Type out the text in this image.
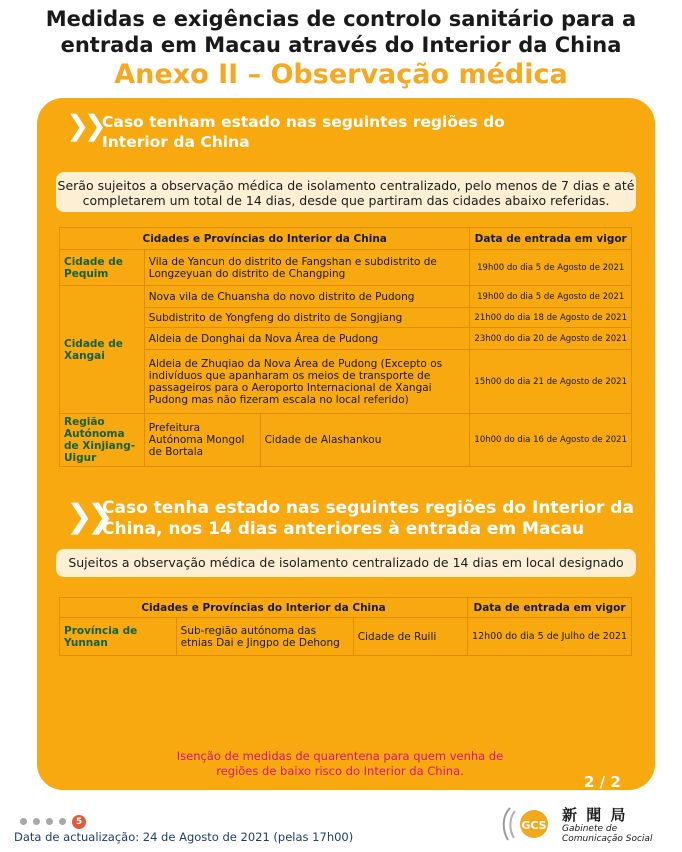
Medidas e exigências de controlo sanitário para a
entrada em Macau através do Interior da China
Anexo II – Observação médica
❯❯ Caso tenham estado nas seguintes regiões do
Interior da China
Serão sujeitos a observação médica de isolamento centralizado, pelo menos de 7 dias e até
completarem um total de 14 dias, desde que partiram das cidades abaixo referidas.
Cidades e Províncias do Interior da China			Data de entrada em vigor
Cidade de Pequim	Vila de Yancun do distrito de Fangshan e subdistrito de Longzeyuan do distrito de Changping		19h00 do dia 5 de Agosto de 2021
Cidade de Xangai	Nova vila de Chuansha do novo distrito de Pudong		19h00 do dia 5 de Agosto de 2021
	Subdistrito de Yongfeng do distrito de Songjiang		21h00 do dia 18 de Agosto de 2021
	Aldeia de Donghai da Nova Área de Pudong		23h00 do dia 20 de Agosto de 2021
	Aldeia de Zhuqiao da Nova Área de Pudong (Excepto os indivíduos que apanharam os meios de transporte de passageiros para o Aeroporto Internacional de Xangai Pudong mas não fizeram escala no local referido)		15h00 do dia 21 de Agosto de 2021
Região Autónoma de Xinjiang-Uigur	Prefeitura Autónoma Mongol de Bortala	Cidade de Alashankou	10h00 do dia 16 de Agosto de 2021
❯❯
Caso tenha estado nas seguintes regiões do Interior da
China, nos 14 dias anteriores à entrada em Macau
Sujeitos a observação médica de isolamento centralizado de 14 dias em local designado
Cidades e Províncias do Interior da China			Data de entrada em vigor
Província de Yunnan	Sub-região autónoma das etnias Dai e Jingpo de Dehong	Cidade de Ruili	12h00 do dia 5 de Julho de 2021
Isenção de medidas de quarentena para quem venha de
regiões de baixo risco do Interior da China.
2 / 2
5
Data de actualização: 24 de Agosto de 2021 (pelas 17h00)
GCS
新 聞 局
Gabinete de
Comunicação Social
